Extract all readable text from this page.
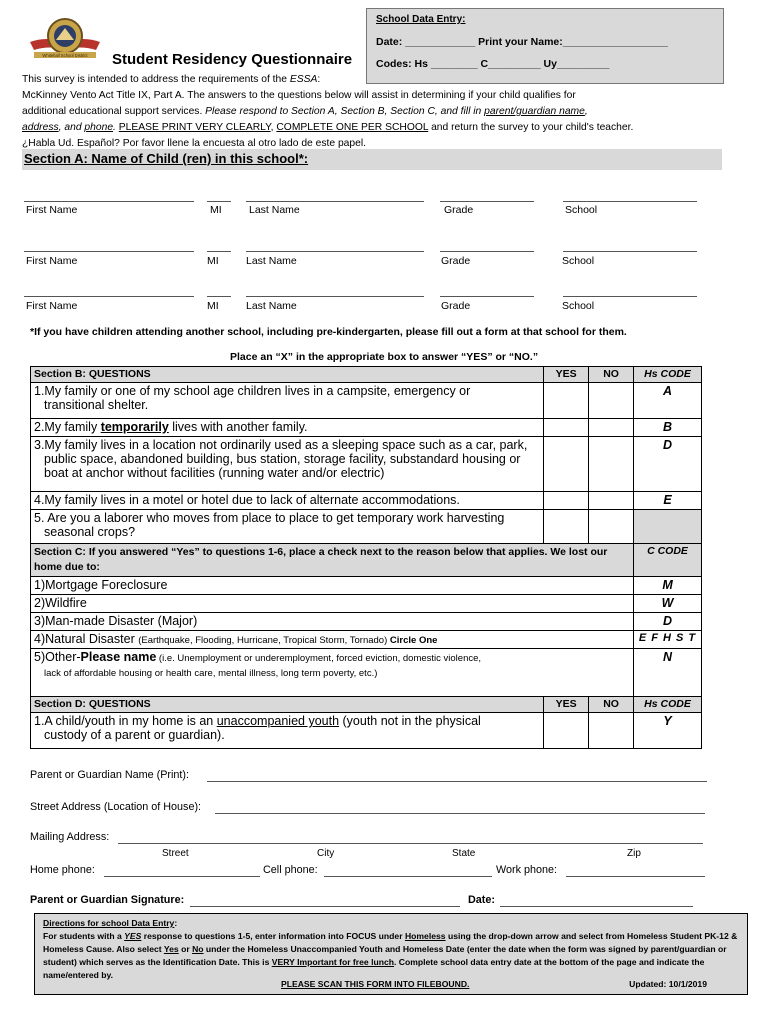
School Data Entry:
Date: ____________ Print your Name:__________________
Codes: Hs ________ C_________ Uy_________
Whitehall School District Student Residency Questionnaire
This survey is intended to address the requirements of the ESSA:
McKinney Vento Act Title IX, Part A. The answers to the questions below will assist in determining if your child qualifies for
additional educational support services. Please respond to Section A, Section B, Section C, and fill in parent/guardian name,
address, and phone. PLEASE PRINT VERY CLEARLY, COMPLETE ONE PER SCHOOL and return the survey to your child's teacher.
¿Habla Ud. Español? Por favor llene la encuesta al otro lado de este papel.
Section A: Name of Child (ren) in this school*:
First Name	MI	Last Name	Grade	School
First Name	MI	Last Name	Grade	School
First Name	MI	Last Name	Grade	School
*If you have children attending another school, including pre-kindergarten, please fill out a form at that school for them.
Place an “X” in the appropriate box to answer “YES” or “NO.”
Section B: QUESTIONS	YES	NO	Hs CODE

1.My family or one of my school age children lives in a campsite, emergency or
transitional shelter.			A
2.My family temporarily lives with another family.			B

3.My family lives in a location not ordinarily used as a sleeping space such as a car, park,
public space, abandoned building, bus station, storage facility, substandard housing orboat at anchor without facilities (running water and/or electric)			D
4.My family lives in a motel or hotel due to lack of alternate accommodations.			E

5. Are you a laborer who moves from place to place to get temporary work harvesting
seasonal crops?			
Section C: If you answered “Yes” to questions 1-6, place a check next to the reason below that applies. We lost our home due to:			C CODE
1)Mortgage Foreclosure			M
2)Wildfire			W
3)Man-made Disaster (Major)			D
4)Natural Disaster (Earthquake, Flooding, Hurricane, Tropical Storm, Tornado) Circle One			E F H S T

5)Other-Please name (i.e. Unemployment or underemployment, forced eviction, domestic violence,
lack of affordable housing or health care, mental illness, long term poverty, etc.)			N
Section D: QUESTIONS	YES	NO	Hs CODE

1.A child/youth in my home is an unaccompanied youth (youth not in the physical
custody of a parent or guardian).			Y
Parent or Guardian Name (Print):
Street Address (Location of House):
Mailing Address:
Street	City	State	Zip
Home phone:	Cell phone:	Work phone:
Parent or Guardian Signature:	Date:
Directions for school Data Entry:
For students with a YES response to questions 1-5, enter information into FOCUS under Homeless using the drop-down arrow and select from Homeless Student PK-12 & Homeless Cause. Also select Yes or No under the Homeless Unaccompanied Youth and Homeless Date (enter the date when the form was signed by parent/guardian or student) which serves as the Identification Date. This is VERY Important for free lunch. Complete school data entry date at the bottom of the page and indicate the name/entered by.
PLEASE SCAN THIS FORM INTO FILEBOUND.	Updated: 10/1/2019
